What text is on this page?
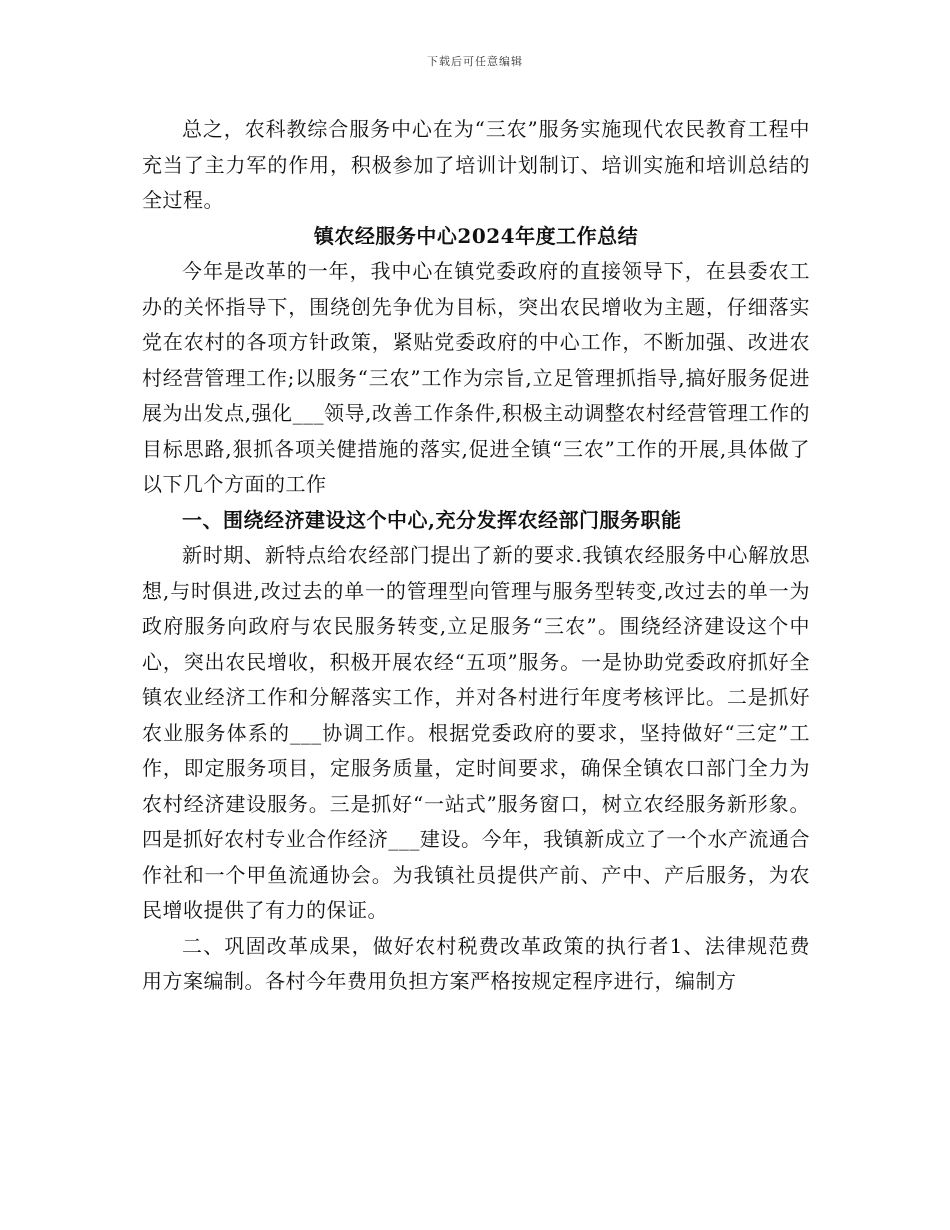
下载后可任意编辑

总之，农科教综合服务中心在为“三农”服务实施现代农民教育工程中充当了主力军的作用，积极参加了培训计划制订、培训实施和培训总结的全过程。

镇农经服务中心2024年度工作总结

今年是改革的一年，我中心在镇党委政府的直接领导下，在县委农工办的关怀指导下，围绕创先争优为目标，突出农民增收为主题，仔细落实党在农村的各项方针政策，紧贴党委政府的中心工作，不断加强、改进农村经营管理工作;以服务“三农”工作为宗旨,立足管理抓指导,搞好服务促进展为出发点,强化___领导,改善工作条件,积极主动调整农村经营管理工作的目标思路,狠抓各项关健措施的落实,促进全镇“三农”工作的开展,具体做了以下几个方面的工作

一、围绕经济建设这个中心,充分发挥农经部门服务职能

新时期、新特点给农经部门提出了新的要求.我镇农经服务中心解放思想,与时俱进,改过去的单一的管理型向管理与服务型转变,改过去的单一为政府服务向政府与农民服务转变,立足服务“三农”。围绕经济建设这个中心，突出农民增收，积极开展农经“五项”服务。一是协助党委政府抓好全镇农业经济工作和分解落实工作，并对各村进行年度考核评比。二是抓好农业服务体系的___协调工作。根据党委政府的要求，坚持做好“三定”工作，即定服务项目，定服务质量，定时间要求，确保全镇农口部门全力为农村经济建设服务。三是抓好“一站式”服务窗口，树立农经服务新形象。四是抓好农村专业合作经济___建设。今年，我镇新成立了一个水产流通合作社和一个甲鱼流通协会。为我镇社员提供产前、产中、产后服务，为农民增收提供了有力的保证。

二、巩固改革成果，做好农村税费改革政策的执行者1、法律规范费用方案编制。各村今年费用负担方案严格按规定程序进行，编制方
